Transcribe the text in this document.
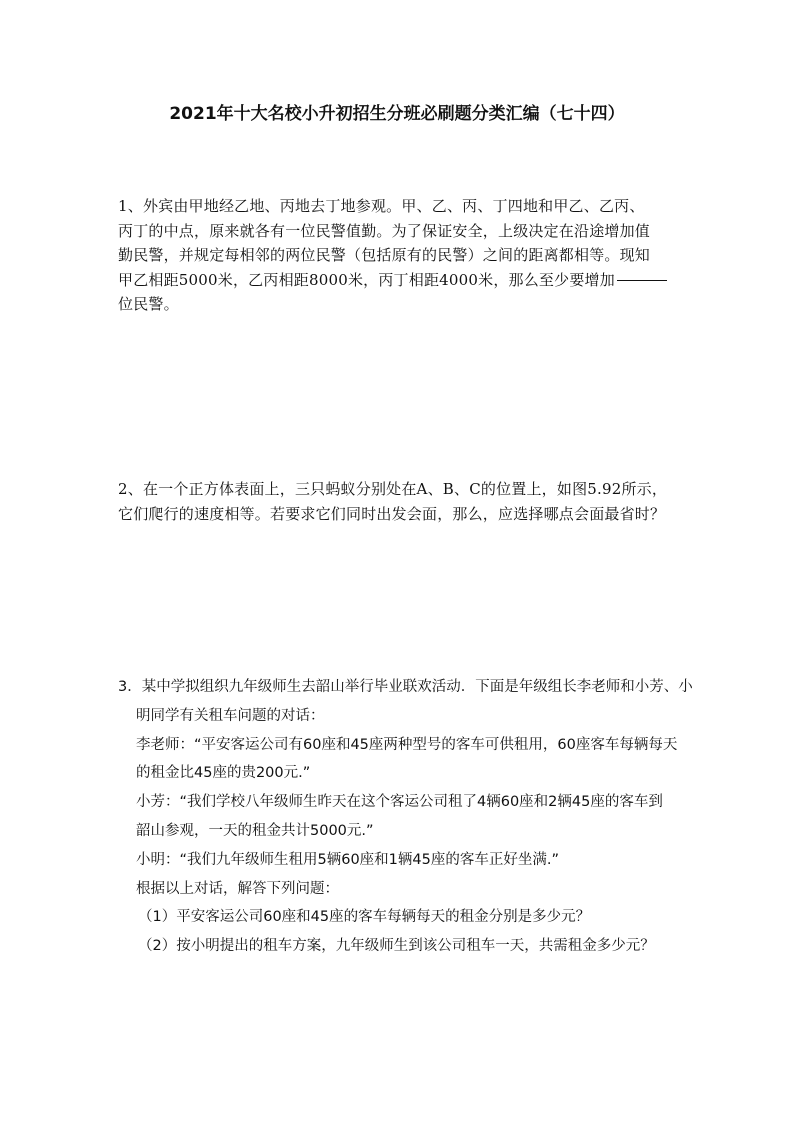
2021年十大名校小升初招生分班必刷题分类汇编（七十四）
1、外宾由甲地经乙地、丙地去丁地参观。甲、乙、丙、丁四地和甲乙、乙丙、
丙丁的中点，原来就各有一位民警值勤。为了保证安全，上级决定在沿途增加值
勤民警，并规定每相邻的两位民警（包括原有的民警）之间的距离都相等。现知
甲乙相距5000米，乙丙相距8000米，丙丁相距4000米，那么至少要增加
位民警。
2、在一个正方体表面上，三只蚂蚁分别处在A、B、C的位置上，如图5.92所示，
它们爬行的速度相等。若要求它们同时出发会面，那么，应选择哪点会面最省时？
3．某中学拟组织九年级师生去韶山举行毕业联欢活动．下面是年级组长李老师和小芳、小
明同学有关租车问题的对话：
李老师：“平安客运公司有60座和45座两种型号的客车可供租用，60座客车每辆每天
的租金比45座的贵200元.”
小芳：“我们学校八年级师生昨天在这个客运公司租了4辆60座和2辆45座的客车到
韶山参观，一天的租金共计5000元.”
小明：“我们九年级师生租用5辆60座和1辆45座的客车正好坐满.”
根据以上对话，解答下列问题：
（1）平安客运公司60座和45座的客车每辆每天的租金分别是多少元？
（2）按小明提出的租车方案，九年级师生到该公司租车一天，共需租金多少元？
